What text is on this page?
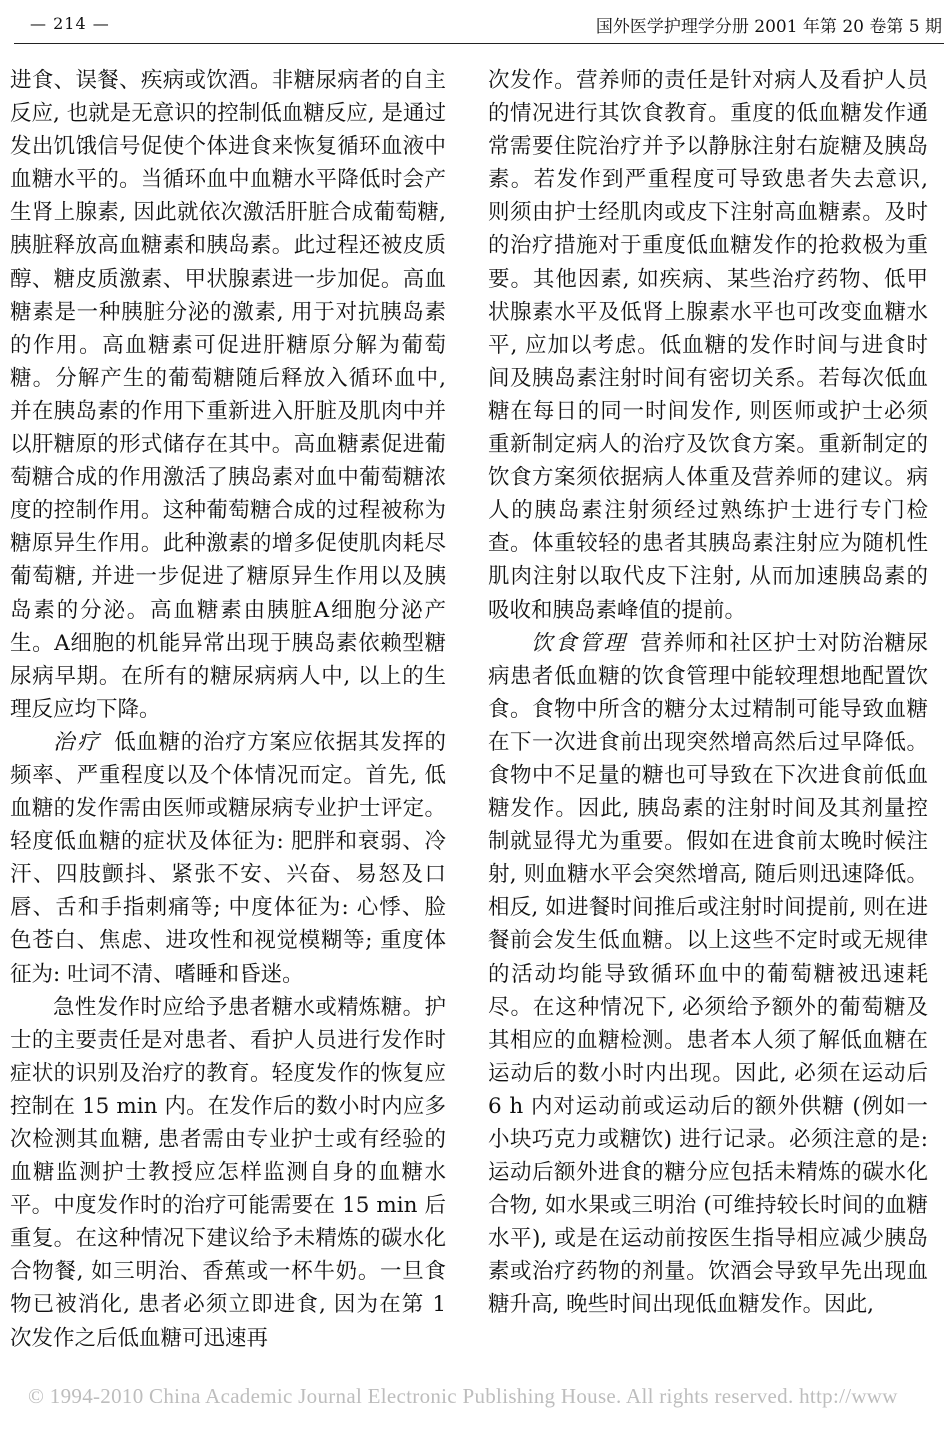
— 214 —	国外医学护理学分册 2001 年第 20 卷第 5 期

进食、误餐、疾病或饮酒。非糖尿病者的自主反应, 也就是无意识的控制低血糖反应, 是通过发出饥饿信号促使个体进食来恢复循环血液中血糖水平的。当循环血中血糖水平降低时会产生肾上腺素, 因此就依次激活肝脏合成葡萄糖, 胰脏释放高血糖素和胰岛素。此过程还被皮质醇、糖皮质激素、甲状腺素进一步加促。高血糖素是一种胰脏分泌的激素, 用于对抗胰岛素的作用。高血糖素可促进肝糖原分解为葡萄糖。分解产生的葡萄糖随后释放入循环血中, 并在胰岛素的作用下重新进入肝脏及肌肉中并以肝糖原的形式储存在其中。高血糖素促进葡萄糖合成的作用激活了胰岛素对血中葡萄糖浓度的控制作用。这种葡萄糖合成的过程被称为糖原异生作用。此种激素的增多促使肌肉耗尽葡萄糖, 并进一步促进了糖原异生作用以及胰岛素的分泌。高血糖素由胰脏A细胞分泌产生。A细胞的机能异常出现于胰岛素依赖型糖尿病早期。在所有的糖尿病病人中, 以上的生理反应均下降。

治疗 低血糖的治疗方案应依据其发挥的频率、严重程度以及个体情况而定。首先, 低血糖的发作需由医师或糖尿病专业护士评定。轻度低血糖的症状及体征为: 肥胖和衰弱、冷汗、四肢颤抖、紧张不安、兴奋、易怒及口唇、舌和手指刺痛等; 中度体征为: 心悸、脸色苍白、焦虑、进攻性和视觉模糊等; 重度体征为: 吐词不清、嗜睡和昏迷。

急性发作时应给予患者糖水或精炼糖。护士的主要责任是对患者、看护人员进行发作时症状的识别及治疗的教育。轻度发作的恢复应控制在 15 min 内。在发作后的数小时内应多次检测其血糖, 患者需由专业护士或有经验的血糖监测护士教授应怎样监测自身的血糖水平。中度发作时的治疗可能需要在 15 min 后重复。在这种情况下建议给予未精炼的碳水化合物餐, 如三明治、香蕉或一杯牛奶。一旦食物已被消化, 患者必须立即进食, 因为在第 1 次发作之后低血糖可迅速再

次发作。营养师的责任是针对病人及看护人员的情况进行其饮食教育。重度的低血糖发作通常需要住院治疗并予以静脉注射右旋糖及胰岛素。若发作到严重程度可导致患者失去意识, 则须由护士经肌肉或皮下注射高血糖素。及时的治疗措施对于重度低血糖发作的抢救极为重要。其他因素, 如疾病、某些治疗药物、低甲状腺素水平及低肾上腺素水平也可改变血糖水平, 应加以考虑。低血糖的发作时间与进食时间及胰岛素注射时间有密切关系。若每次低血糖在每日的同一时间发作, 则医师或护士必须重新制定病人的治疗及饮食方案。重新制定的饮食方案须依据病人体重及营养师的建议。病人的胰岛素注射须经过熟练护士进行专门检查。体重较轻的患者其胰岛素注射应为随机性肌肉注射以取代皮下注射, 从而加速胰岛素的吸收和胰岛素峰值的提前。

饮食管理 营养师和社区护士对防治糖尿病患者低血糖的饮食管理中能较理想地配置饮食。食物中所含的糖分太过精制可能导致血糖在下一次进食前出现突然增高然后过早降低。食物中不足量的糖也可导致在下次进食前低血糖发作。因此, 胰岛素的注射时间及其剂量控制就显得尤为重要。假如在进食前太晚时候注射, 则血糖水平会突然增高, 随后则迅速降低。相反, 如进餐时间推后或注射时间提前, 则在进餐前会发生低血糖。以上这些不定时或无规律的活动均能导致循环血中的葡萄糖被迅速耗尽。在这种情况下, 必须给予额外的葡萄糖及其相应的血糖检测。患者本人须了解低血糖在运动后的数小时内出现。因此, 必须在运动后 6 h 内对运动前或运动后的额外供糖 (例如一小块巧克力或糖饮) 进行记录。必须注意的是: 运动后额外进食的糖分应包括未精炼的碳水化合物, 如水果或三明治 (可维持较长时间的血糖水平), 或是在运动前按医生指导相应减少胰岛素或治疗药物的剂量。饮酒会导致早先出现血糖升高, 晚些时间出现低血糖发作。因此,

© 1994-2010 China Academic Journal Electronic Publishing House. All rights reserved. http://www
